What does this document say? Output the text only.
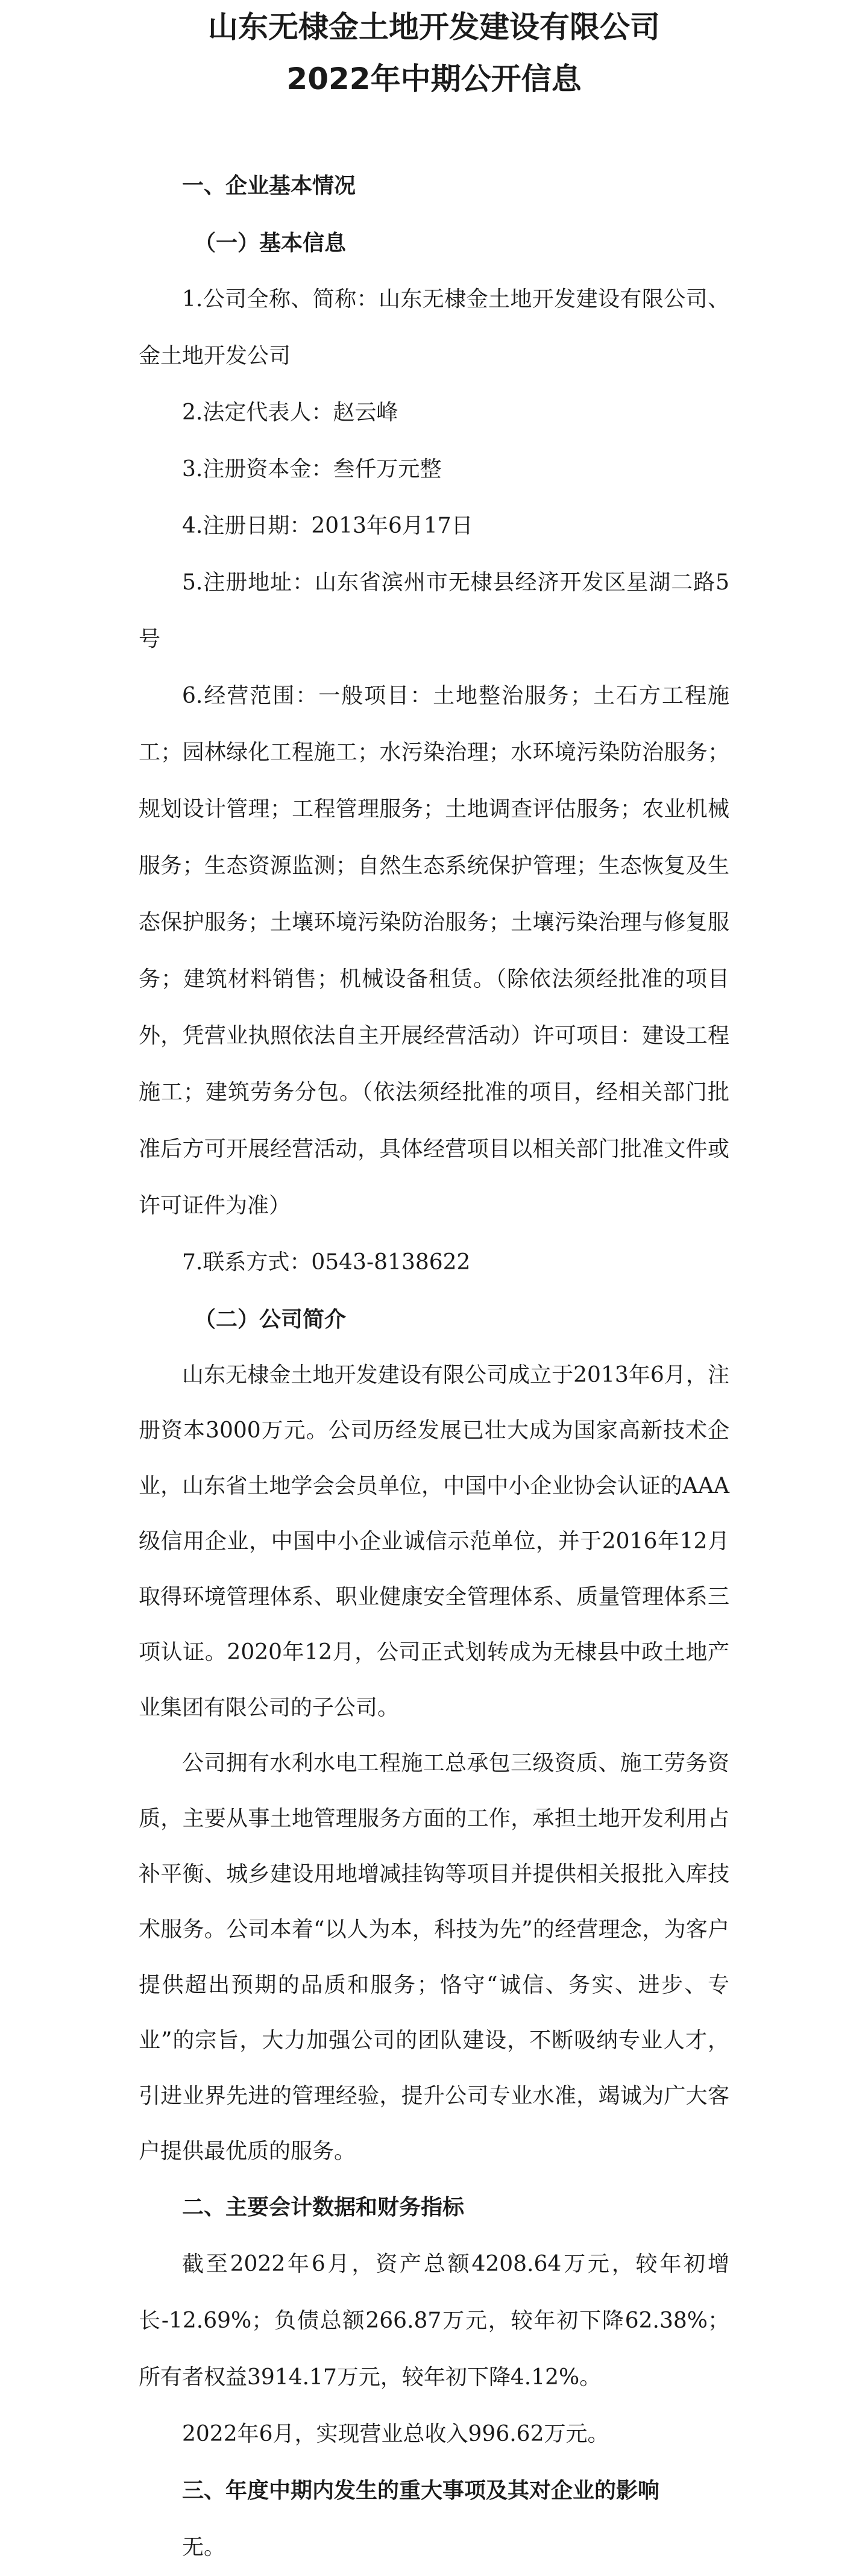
山东无棣金土地开发建设有限公司
2022年中期公开信息
一、企业基本情况
（一）基本信息

1.公司全称、简称：山东无棣金土地开发建设有限公司、金土地开发公司

2.法定代表人：赵云峰

3.注册资本金：叁仟万元整

4.注册日期：2013年6月17日

5.注册地址：山东省滨州市无棣县经济开发区星湖二路5号

6.经营范围：一般项目：土地整治服务；土石方工程施工；园林绿化工程施工；水污染治理；水环境污染防治服务；规划设计管理；工程管理服务；土地调查评估服务；农业机械服务；生态资源监测；自然生态系统保护管理；生态恢复及生态保护服务；土壤环境污染防治服务；土壤污染治理与修复服务；建筑材料销售；机械设备租赁。（除依法须经批准的项目外，凭营业执照依法自主开展经营活动）许可项目：建设工程施工；建筑劳务分包。（依法须经批准的项目，经相关部门批准后方可开展经营活动，具体经营项目以相关部门批准文件或许可证件为准）

7.联系方式：0543-8138622

（二）公司简介

山东无棣金土地开发建设有限公司成立于2013年6月，注册资本3000万元。公司历经发展已壮大成为国家高新技术企业，山东省土地学会会员单位，中国中小企业协会认证的AAA级信用企业，中国中小企业诚信示范单位，并于2016年12月取得环境管理体系、职业健康安全管理体系、质量管理体系三项认证。2020年12月，公司正式划转成为无棣县中政土地产业集团有限公司的子公司。

公司拥有水利水电工程施工总承包三级资质、施工劳务资质，主要从事土地管理服务方面的工作，承担土地开发利用占补平衡、城乡建设用地增减挂钩等项目并提供相关报批入库技术服务。公司本着“以人为本，科技为先”的经营理念，为客户提供超出预期的品质和服务；恪守“诚信、务实、进步、专业”的宗旨，大力加强公司的团队建设，不断吸纳专业人才，引进业界先进的管理经验，提升公司专业水准，竭诚为广大客户提供最优质的服务。

二、主要会计数据和财务指标

截至2022年6月，资产总额4208.64万元，较年初增长-12.69%；负债总额266.87万元，较年初下降62.38%；所有者权益3914.17万元，较年初下降4.12%。

2022年6月，实现营业总收入996.62万元。

三、年度中期内发生的重大事项及其对企业的影响

无。
